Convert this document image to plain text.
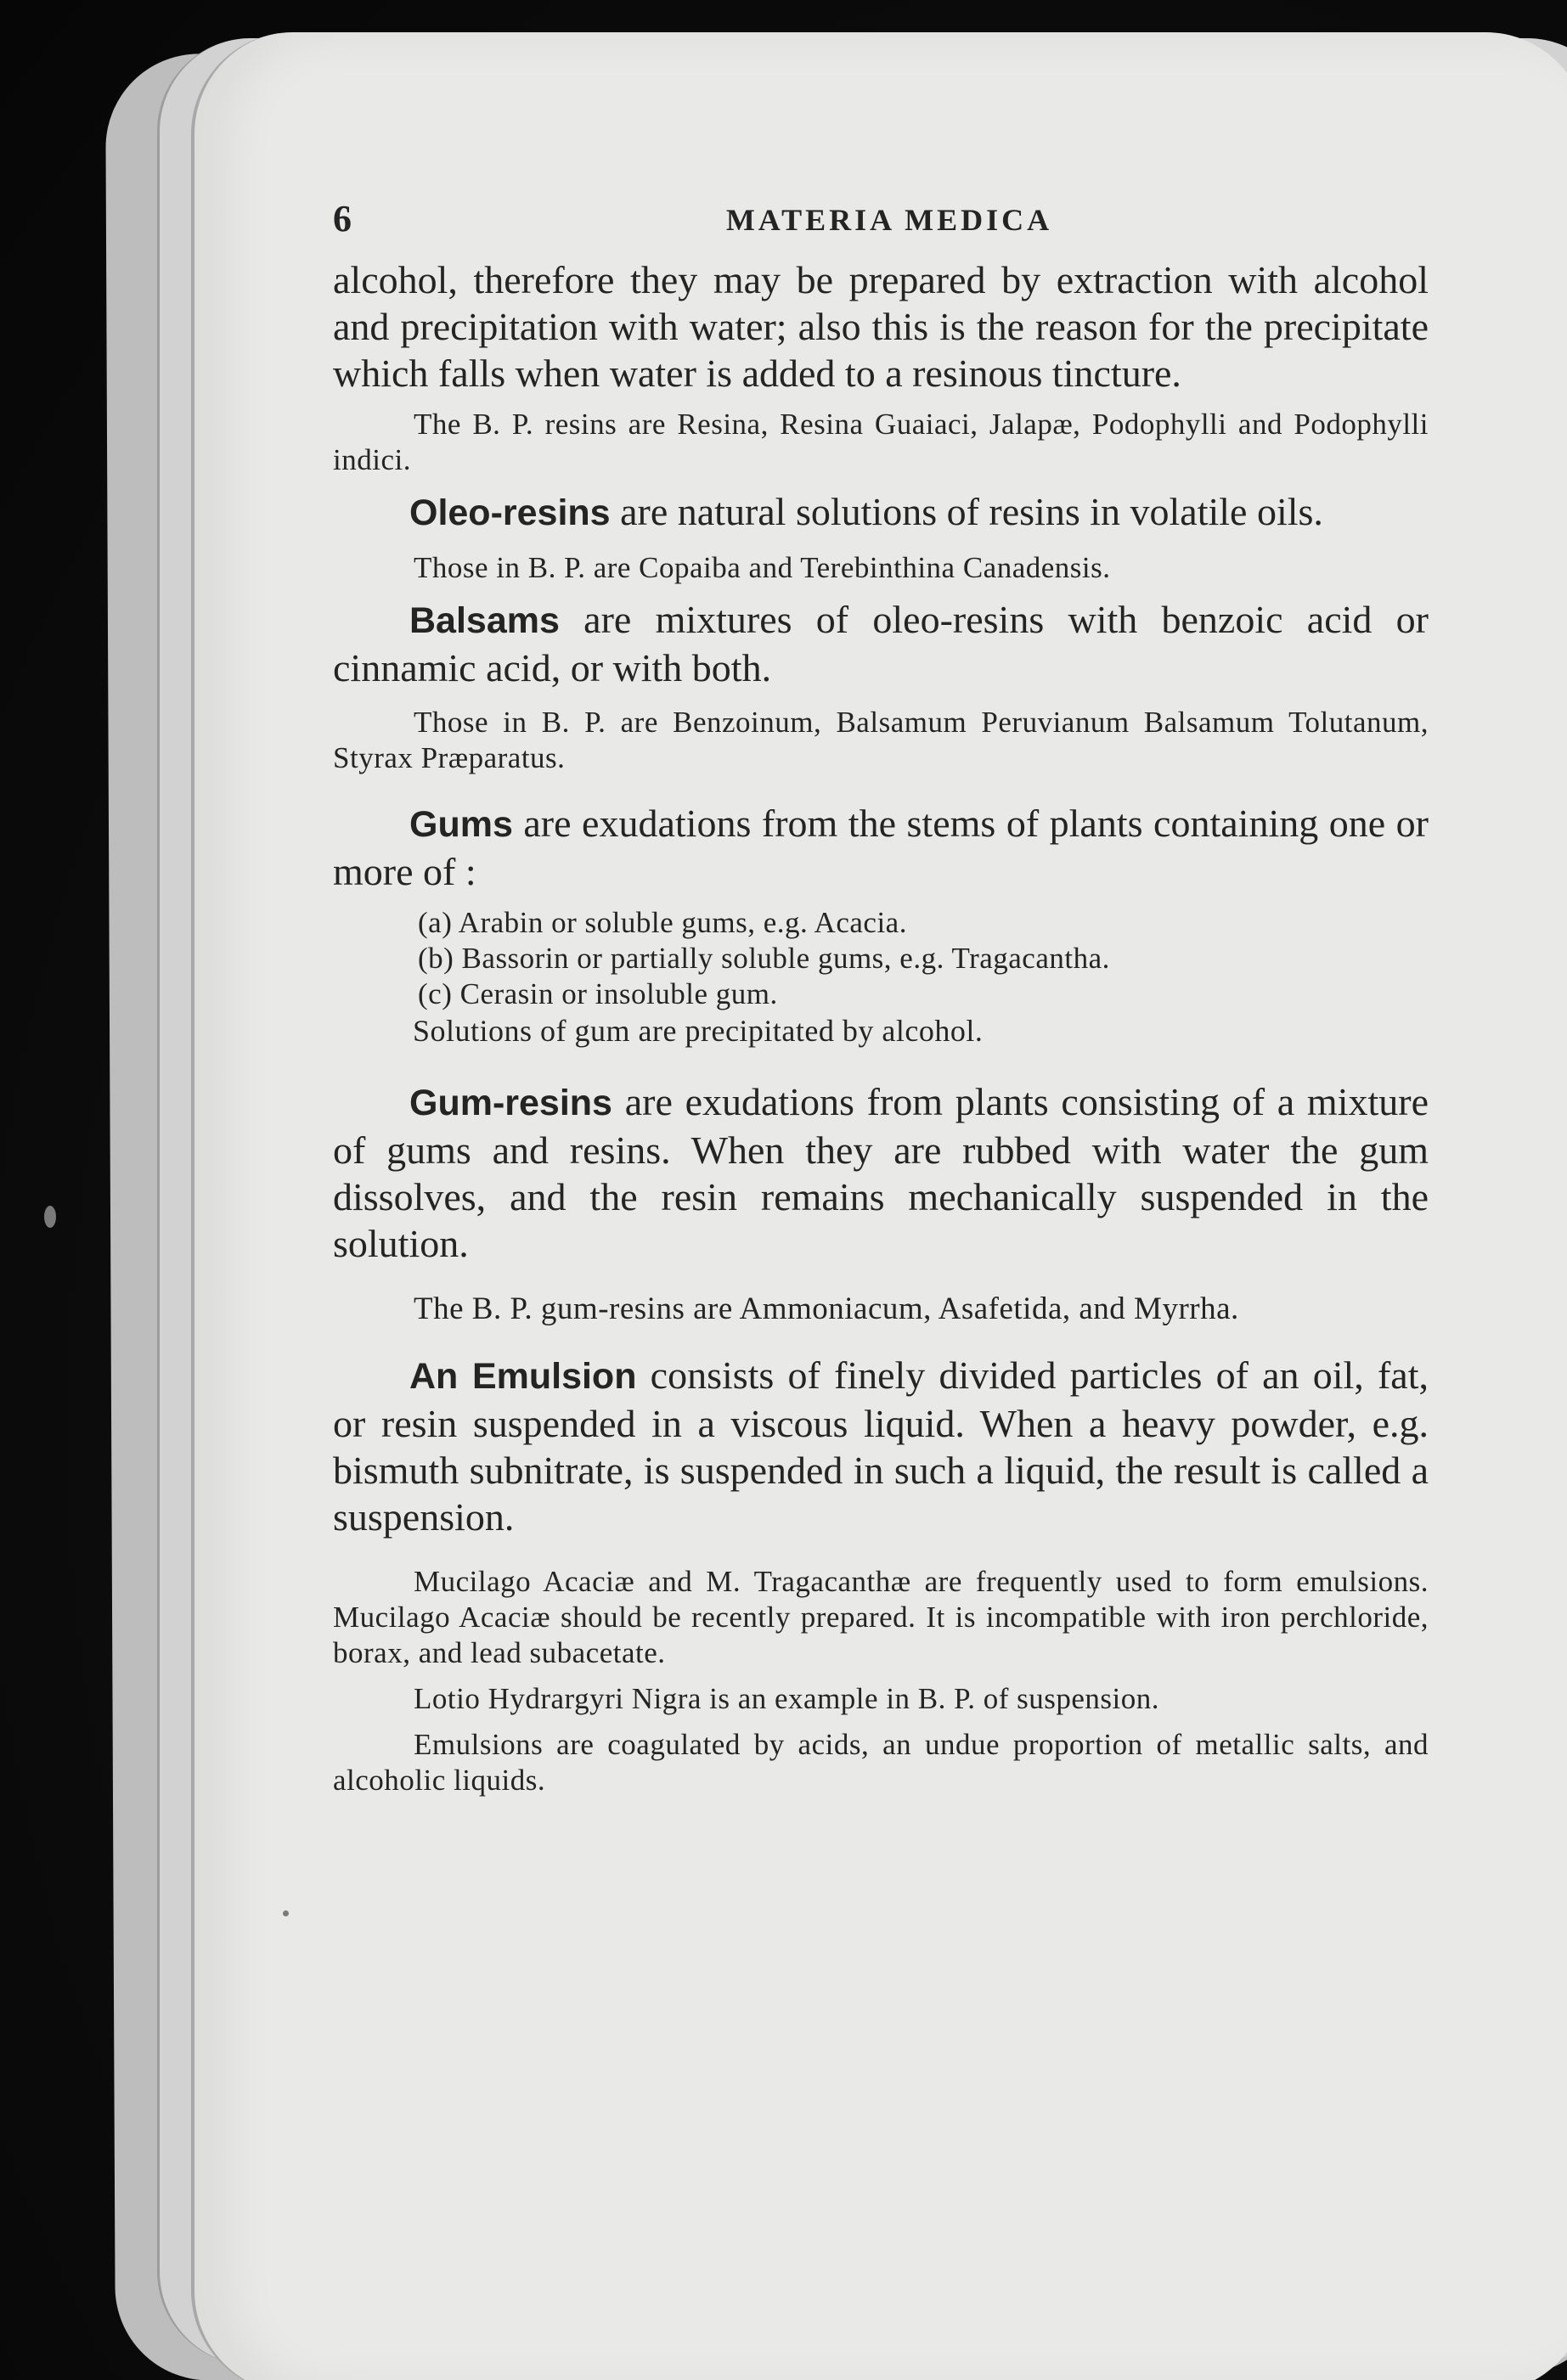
6	MATERIA MEDICA

alcohol, therefore they may be prepared by extraction with alcohol and precipitation with water; also this is the reason for the precipitate which falls when water is added to a resinous tincture.

The B. P. resins are Resina, Resina Guaiaci, Jalapæ, Podophylli and Podophylli indici.

Oleo-resins are natural solutions of resins in volatile oils.

Those in B. P. are Copaiba and Terebinthina Canadensis.

Balsams are mixtures of oleo-resins with benzoic acid or cinnamic acid, or with both.

Those in B. P. are Benzoinum, Balsamum Peruvianum Balsamum Tolutanum, Styrax Præparatus.

Gums are exudations from the stems of plants containing one or more of :

(a) Arabin or soluble gums, e.g. Acacia.

(b) Bassorin or partially soluble gums, e.g. Tragacantha.

(c) Cerasin or insoluble gum.

Solutions of gum are precipitated by alcohol.

Gum-resins are exudations from plants consisting of a mixture of gums and resins. When they are rubbed with water the gum dissolves, and the resin remains mechanically suspended in the solution.

The B. P. gum-resins are Ammoniacum, Asafetida, and Myrrha.

An Emulsion consists of finely divided particles of an oil, fat, or resin suspended in a viscous liquid. When a heavy powder, e.g. bismuth subnitrate, is suspended in such a liquid, the result is called a suspension.

Mucilago Acaciæ and M. Tragacanthæ are frequently used to form emulsions. Mucilago Acaciæ should be recently prepared. It is incompatible with iron perchloride, borax, and lead subacetate.

Lotio Hydrargyri Nigra is an example in B. P. of suspension.

Emulsions are coagulated by acids, an undue proportion of metallic salts, and alcoholic liquids.
